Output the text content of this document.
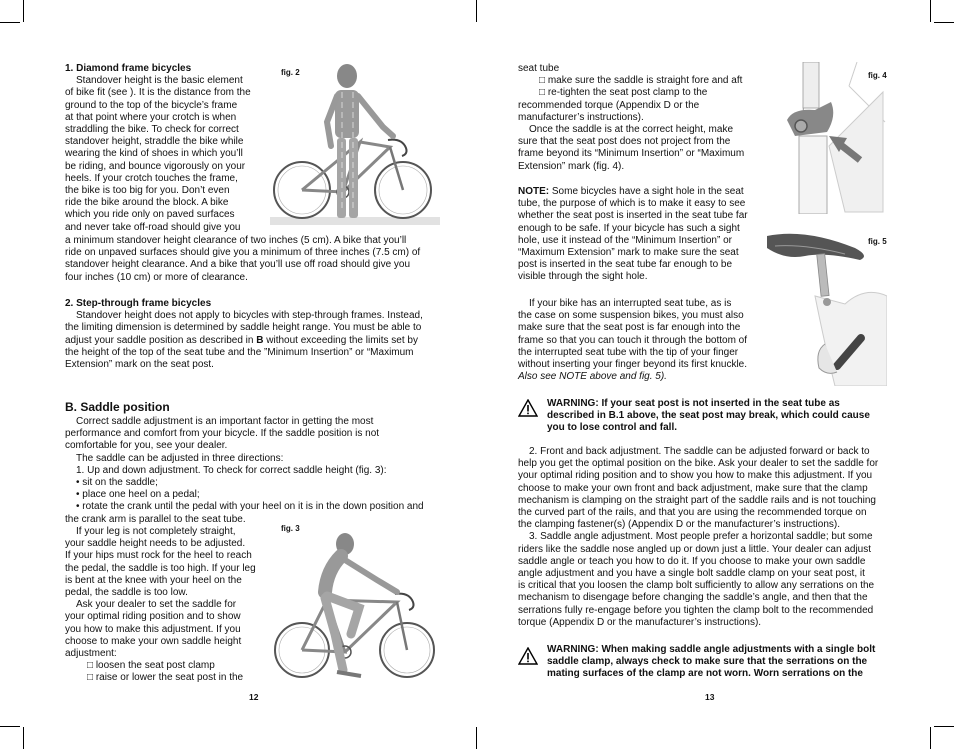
1. Diamond frame bicycles

Standover height is the basic element

of bike fit (see ). It is the distance from the

ground to the top of the bicycle’s frame

at that point where your crotch is when

straddling the bike. To check for correct

standover height, straddle the bike while

wearing the kind of shoes in which you’ll

be riding, and bounce vigorously on your

heels. If your crotch touches the frame,

the bike is too big for you. Don’t even

ride the bike around the block. A bike

which you ride only on paved surfaces

and never take off-road should give you

a minimum standover height clearance of two inches (5 cm). A bike that you’ll

ride on unpaved surfaces should give you a minimum of three inches (7.5 cm) of

standover height clearance. And a bike that you’ll use off road should give you

four inches (10 cm) or more of clearance.

fig. 2

2. Step-through frame bicycles

Standover height does not apply to bicycles with step-through frames. Instead,

the limiting dimension is determined by saddle height range. You must be able to

adjust your saddle position as described in B without exceeding the limits set by

the height of the top of the seat tube and the ”Minimum Insertion” or “Maximum

Extension” mark on the seat post.

B. Saddle position

Correct saddle adjustment is an important factor in getting the most

performance and comfort from your bicycle. If the saddle position is not

comfortable for you, see your dealer.

The saddle can be adjusted in three directions:

1. Up and down adjustment. To check for correct saddle height (fig. 3):

• sit on the saddle;

• place one heel on a pedal;

• rotate the crank until the pedal with your heel on it is in the down position and

the crank arm is parallel to the seat tube.

If your leg is not completely straight,

your saddle height needs to be adjusted.

If your hips must rock for the heel to reach

the pedal, the saddle is too high. If your leg

is bent at the knee with your heel on the

pedal, the saddle is too low.

Ask your dealer to set the saddle for

your optimal riding position and to show

you how to make this adjustment. If you

choose to make your own saddle height

adjustment:

□ loosen the seat post clamp

□ raise or lower the seat post in the

fig. 3
12

seat tube

□ make sure the saddle is straight fore and aft

□ re-tighten the seat post clamp to the

recommended torque (Appendix D or the

manufacturer’s instructions).

Once the saddle is at the correct height, make

sure that the seat post does not project from the

frame beyond its “Minimum Insertion” or “Maximum

Extension” mark (fig. 4).

NOTE: Some bicycles have a sight hole in the seat

tube, the purpose of which is to make it easy to see

whether the seat post is inserted in the seat tube far

enough to be safe. If your bicycle has such a sight

hole, use it instead of the “Minimum Insertion” or

“Maximum Extension” mark to make sure the seat

post is inserted in the seat tube far enough to be

visible through the sight hole.

If your bike has an interrupted seat tube, as is

the case on some suspension bikes, you must also

make sure that the seat post is far enough into the

frame so that you can touch it through the bottom of

the interrupted seat tube with the tip of your finger

without inserting your finger beyond its first knuckle.

Also see NOTE above and fig. 5).

fig. 4
fig. 5

WARNING: If your seat post is not inserted in the seat tube as

described in B.1 above, the seat post may break, which could cause

you to lose control and fall.

2. Front and back adjustment. The saddle can be adjusted forward or back to

help you get the optimal position on the bike. Ask your dealer to set the saddle for

your optimal riding position and to show you how to make this adjustment. If you

choose to make your own front and back adjustment, make sure that the clamp

mechanism is clamping on the straight part of the saddle rails and is not touching

the curved part of the rails, and that you are using the recommended torque on

the clamping fastener(s) (Appendix D or the manufacturer’s instructions).

3. Saddle angle adjustment. Most people prefer a horizontal saddle; but some

riders like the saddle nose angled up or down just a little. Your dealer can adjust

saddle angle or teach you how to do it. If you choose to make your own saddle

angle adjustment and you have a single bolt saddle clamp on your seat post, it

is critical that you loosen the clamp bolt sufficiently to allow any serrations on the

mechanism to disengage before changing the saddle’s angle, and then that the

serrations fully re-engage before you tighten the clamp bolt to the recommended

torque (Appendix D or the manufacturer’s instructions).

WARNING: When making saddle angle adjustments with a single bolt

saddle clamp, always check to make sure that the serrations on the

mating surfaces of the clamp are not worn. Worn serrations on the

13
